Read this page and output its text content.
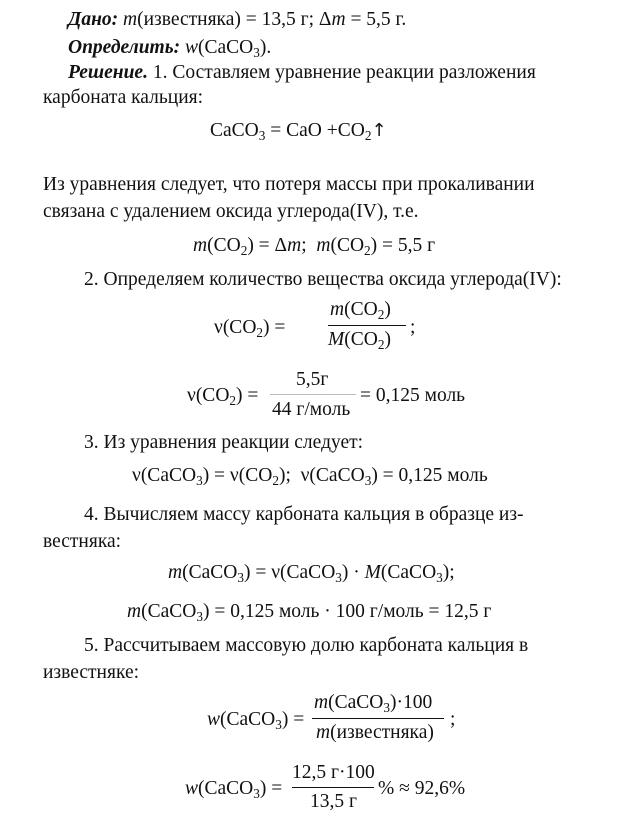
Дано: m(известняка) = 13,5 г; Δm = 5,5 г.
Определить: w(CaCO$_3$).
Решение. 1. Составляем уравнение реакции разложения
карбоната кальция:
CaCO$_3$ = CaO $+CO_2↑$
Из уравнения следует, что потеря массы при прокаливании
связана с удалением оксида углерода(IV), т.е.
$m(CO_2) = \Delta m$;  $m(CO_2) = 5,5$ г
2. Определяем количество вещества оксида углерода(IV):
$\nu(CO_2)$ =
$m(CO_2)$
$M(CO_2)$
;
$\nu(CO_2)$ =
5,5г
44 г/моль
= 0,125 моль
3. Из уравнения реакции следует:
ν(CaCO$_3$) = $\nu(CO_2)$;  ν(CaCO$_3$) = 0,125 моль
4. Вычисляем массу карбоната кальция в образце из-
вестняка:
m(CaCO$_3$) = ν(CaCO$_3$) · M(CaCO$_3$);
m(CaCO$_3$) = 0,125 моль · 100 г/моль = 12,5 г
5. Рассчитываем массовую долю карбоната кальция в
известняке:
w(CaCO$_3$) =
m(CaCO$_3$)·100
m(известняка)
;
w(CaCO$_3$) =
12,5 г·100
13,5 г
% ≈ 92,6%
